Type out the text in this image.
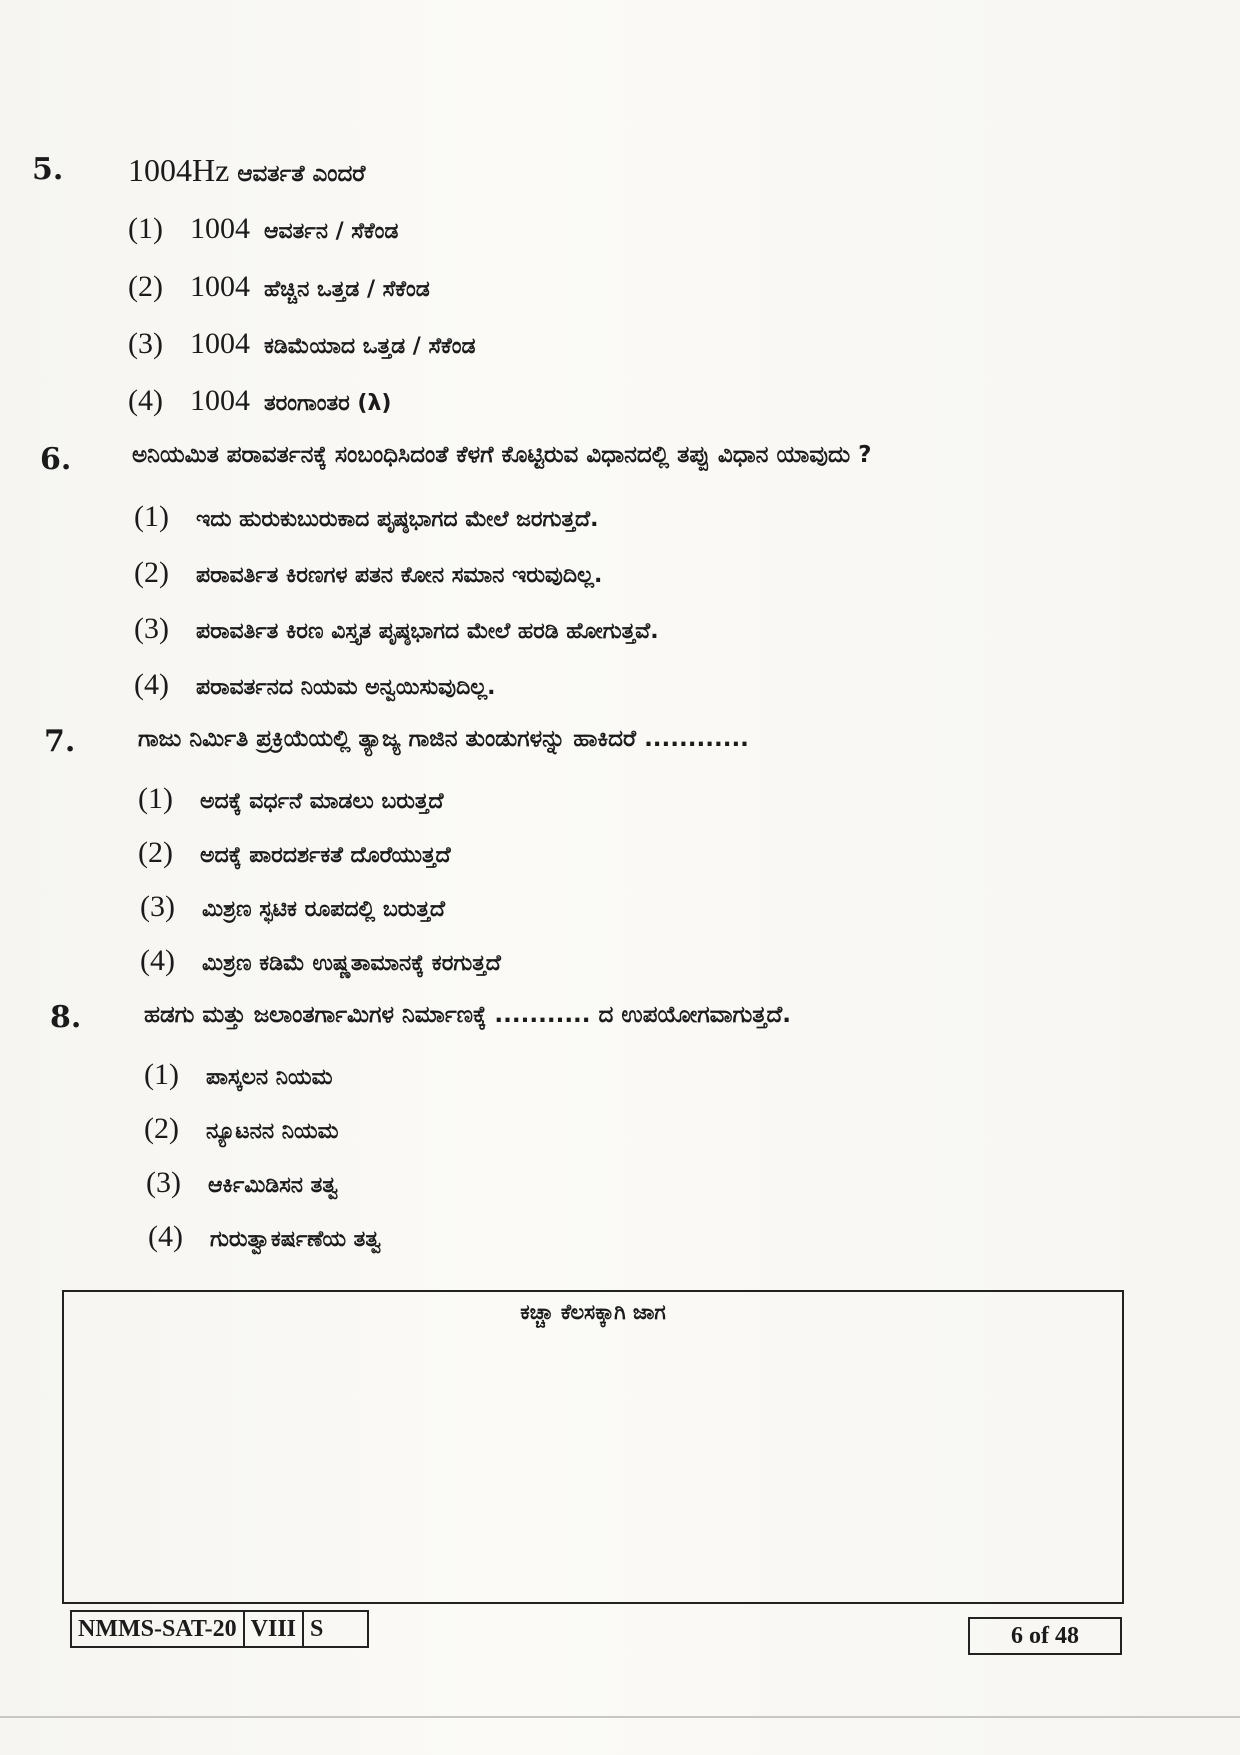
5. 1004Hz ಆವರ್ತತೆ ಎಂದರೆ
(1) 1004 ಆವರ್ತನ / ಸೆಕೆಂಡ
(2) 1004 ಹೆಚ್ಚಿನ ಒತ್ತಡ / ಸೆಕೆಂಡ
(3) 1004 ಕಡಿಮೆಯಾದ ಒತ್ತಡ / ಸೆಕೆಂಡ
(4) 1004 ತರಂಗಾಂತರ (λ)
6.	ಅನಿಯಮಿತ ಪರಾವರ್ತನಕ್ಕೆ ಸಂಬಂಧಿಸಿದಂತೆ ಕೆಳಗೆ ಕೊಟ್ಟಿರುವ ವಿಧಾನದಲ್ಲಿ ತಪ್ಪು ವಿಧಾನ ಯಾವುದು ?
(1)	ಇದು ಹುರುಕುಬುರುಕಾದ ಪೃಷ್ಠಭಾಗದ ಮೇಲೆ ಜರಗುತ್ತದೆ.
(2)	ಪರಾವರ್ತಿತ ಕಿರಣಗಳ ಪತನ ಕೋನ ಸಮಾನ ಇರುವುದಿಲ್ಲ.
(3)	ಪರಾವರ್ತಿತ ಕಿರಣ ವಿಸ್ತೃತ ಪೃಷ್ಠಭಾಗದ ಮೇಲೆ ಹರಡಿ ಹೋಗುತ್ತವೆ.
(4)	ಪರಾವರ್ತನದ ನಿಯಮ ಅನ್ವಯಿಸುವುದಿಲ್ಲ.
7.	ಗಾಜು ನಿರ್ಮಿತಿ ಪ್ರಕ್ರಿಯೆಯಲ್ಲಿ ತ್ಯಾಜ್ಯ ಗಾಜಿನ ತುಂಡುಗಳನ್ನು ಹಾಕಿದರೆ ............
(1)	ಅದಕ್ಕೆ ವರ್ಧನೆ ಮಾಡಲು ಬರುತ್ತದೆ
(2)	ಅದಕ್ಕೆ ಪಾರದರ್ಶಕತೆ ದೊರೆಯುತ್ತದೆ
(3)	ಮಿಶ್ರಣ ಸ್ಫಟಿಕ ರೂಪದಲ್ಲಿ ಬರುತ್ತದೆ
(4)	ಮಿಶ್ರಣ ಕಡಿಮೆ ಉಷ್ಣತಾಮಾನಕ್ಕೆ ಕರಗುತ್ತದೆ
8.	ಹಡಗು ಮತ್ತು ಜಲಾಂತರ್ಗಾಮಿಗಳ ನಿರ್ಮಾಣಕ್ಕೆ ........... ದ ಉಪಯೋಗವಾಗುತ್ತದೆ.
(1)	ಪಾಸ್ಕಲನ ನಿಯಮ
(2)	ನ್ಯೂಟನನ ನಿಯಮ
(3)	ಆರ್ಕಿಮಿಡಿಸನ ತತ್ವ
(4)	ಗುರುತ್ವಾಕರ್ಷಣೆಯ ತತ್ವ
ಕಚ್ಚಾ ಕೆಲಸಕ್ಕಾಗಿ ಜಾಗ
NMMS-SAT-20 VIII S	6 of 48
